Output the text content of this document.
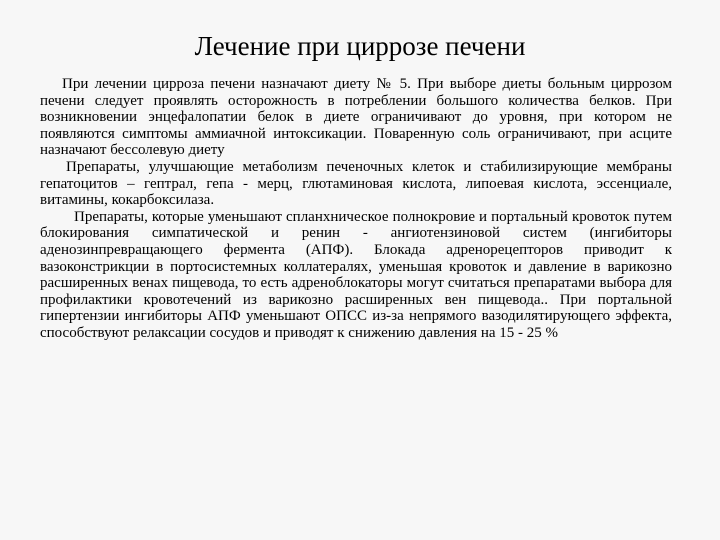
Лечение при циррозе печени

При лечении цирроза печени назначают диету № 5. При выборе диеты больным циррозом печени следует проявлять осторожность в потреблении большого количества белков. При возникновении энцефалопатии белок в диете ограничивают до уровня, при котором не появляются симптомы аммиачной интоксикации. Поваренную соль ограничивают, при асците назначают бессолевую диету

Препараты, улучшающие метаболизм печеночных клеток и стабилизирующие мембраны гепатоцитов – гептрал, гепа - мерц, глютаминовая кислота, липоевая кислота, эссенциале, витамины, кокарбоксилаза.

Препараты, которые уменьшают спланхническое полнокровие и портальный кровоток путем блокирования симпатической и ренин - ангиотензиновой систем (ингибиторы аденозинпревращающего фермента (АПФ). Блокада адренорецепторов приводит к вазоконстрикции в портосистемных коллатералях, уменьшая кровоток и давление в варикозно расширенных венах пищевода, то есть адреноблокаторы могут считаться препаратами выбора для профилактики кровотечений из варикозно расширенных вен пищевода.. При портальной гипертензии ингибиторы АПФ уменьшают ОПСС из-за непрямого вазодилятирующего эффекта, способствуют релаксации сосудов и приводят к снижению давления на 15 - 25 %
